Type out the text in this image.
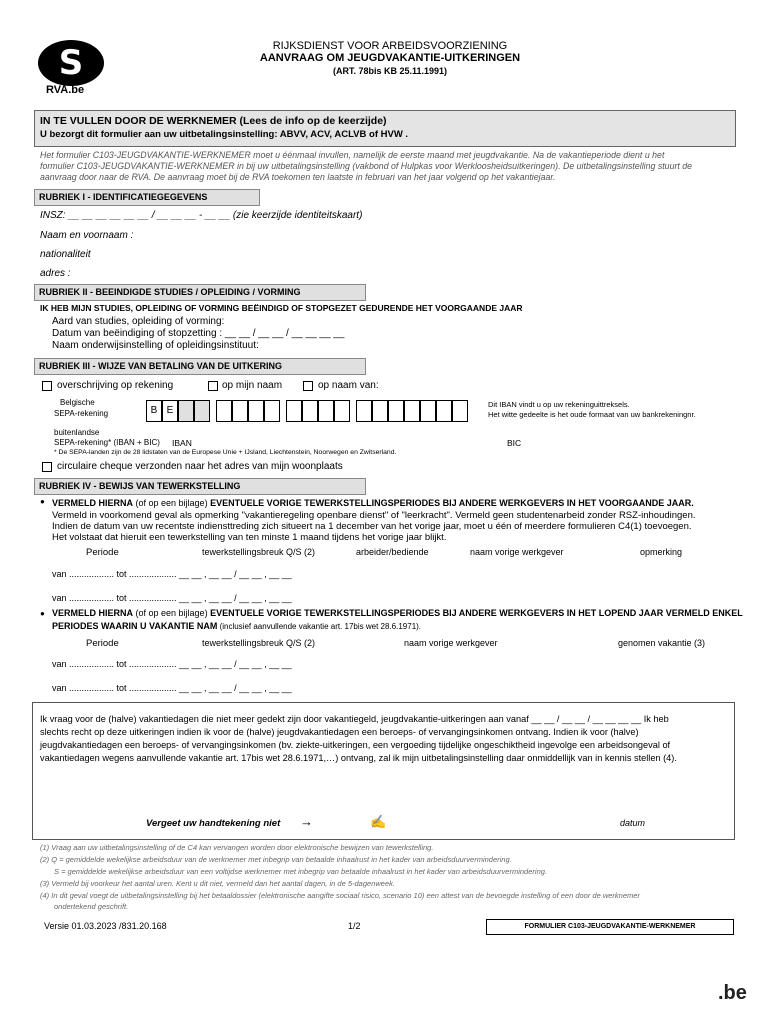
S
RVA.be
RIJKSDIENST VOOR ARBEIDSVOORZIENING
AANVRAAG OM JEUGDVAKANTIE-UITKERINGEN
(ART. 78bis KB 25.11.1991)
IN TE VULLEN DOOR DE WERKNEMER (Lees de info op de keerzijde)
U bezorgt dit formulier aan uw uitbetalingsinstelling: ABVV, ACV, ACLVB of HVW .
Het formulier C103-JEUGDVAKANTIE-WERKNEMER moet u éénmaal invullen, namelijk de eerste maand met jeugdvakantie. Na de vakantieperiode dient u het
formulier C103-JEUGDVAKANTIE-WERKNEMER in bij uw uitbetalingsinstelling (vakbond of Hulpkas voor Werkloosheidsuitkeringen). De uitbetalingsinstelling stuurt de
aanvraag door naar de RVA. De aanvraag moet bij de RVA toekomen ten laatste in februari van het jaar volgend op het vakantiejaar.
RUBRIEK I - IDENTIFICATIEGEGEVENS
INSZ: __ __ __ __ __ __ / __ __ __ - __ __ (zie keerzijde identiteitskaart)
Naam en voornaam :
nationaliteit
adres :
RUBRIEK II - BEEINDIGDE STUDIES / OPLEIDING / VORMING
IK HEB MIJN STUDIES, OPLEIDING OF VORMING BEËINDIGD OF STOPGEZET GEDURENDE HET VOORGAANDE JAAR
Aard van studies, opleiding of vorming:
Datum van beëindiging of stopzetting : __ __ / __ __ / __ __ __ __
Naam onderwijsinstelling of opleidingsinstituut:
RUBRIEK III - WIJZE VAN BETALING VAN DE UITKERING
overschrijving op rekening	op mijn naam	op naam van:
Belgische
SEPA-rekening	B E
Dit IBAN vindt u op uw rekeninguittreksels.
Het witte gedeelte is het oude formaat van uw bankrekeningnr.
buitenlandse
SEPA-rekening* (IBAN + BIC) IBAN	BIC
* De SEPA-landen zijn de 28 lidstaten van de Europese Unie + IJsland, Liechtenstein, Noorwegen en Zwitserland.
circulaire cheque verzonden naar het adres van mijn woonplaats
RUBRIEK IV - BEWIJS VAN TEWERKSTELLING
● VERMELD HIERNA (of op een bijlage) EVENTUELE VORIGE TEWERKSTELLINGSPERIODES BIJ ANDERE WERKGEVERS IN HET VOORGAANDE JAAR.
Vermeld in voorkomend geval als opmerking "vakantieregeling openbare dienst" of "leerkracht". Vermeld geen studentenarbeid zonder RSZ-inhoudingen.
Indien de datum van uw recentste indiensttreding zich situeert na 1 december van het vorige jaar, moet u één of meerdere formulieren C4(1) toevoegen.
Het volstaat dat hieruit een tewerkstelling van ten minste 1 maand tijdens het vorige jaar blijkt.
Periode	tewerkstellingsbreuk Q/S (2)	arbeider/bediende	naam vorige werkgever	opmerking
van .................. tot ................... __ __ , __ __ / __ __ , __ __
van .................. tot ................... __ __ , __ __ / __ __ , __ __
● VERMELD HIERNA (of op een bijlage) EVENTUELE VORIGE TEWERKSTELLINGSPERIODES BIJ ANDERE WERKGEVERS IN HET LOPEND JAAR VERMELD ENKEL
PERIODES WAARIN U VAKANTIE NAM (inclusief aanvullende vakantie art. 17bis wet 28.6.1971).
Periode	tewerkstellingsbreuk Q/S (2)	naam vorige werkgever	genomen vakantie (3)
van .................. tot ................... __ __ , __ __ / __ __ , __ __
van .................. tot ................... __ __ , __ __ / __ __ , __ __
Ik vraag voor de (halve) vakantiedagen die niet meer gedekt zijn door vakantiegeld, jeugdvakantie-uitkeringen aan vanaf __ __ / __ __ / __ __ __ __ Ik heb
slechts recht op deze uitkeringen indien ik voor de (halve) jeugdvakantiedagen een beroeps- of vervangingsinkomen ontvang. Indien ik voor (halve)
jeugdvakantiedagen een beroeps- of vervangingsinkomen (bv. ziekte-uitkeringen, een vergoeding tijdelijke ongeschiktheid ingevolge een arbeidsongeval of
vakantiedagen wegens aanvullende vakantie art. 17bis wet 28.6.1971,…) ontvang, zal ik mijn uitbetalingsinstelling daar onmiddellijk van in kennis stellen (4).
Vergeet uw handtekening niet →	✍	datum
(1) Vraag aan uw uitbetalingsinstelling of de C4 kan vervangen worden door elektronische bewijzen van tewerkstelling.
(2) Q = gemiddelde wekelijkse arbeidsduur van de werknemer met inbegrip van betaalde inhaalrust in het kader van arbeidsduurvermindering.
S = gemiddelde wekelijkse arbeidsduur van een voltijdse werknemer met inbegrip van betaalde inhaalrust in het kader van arbeidsduurvermindering.
(3) Vermeld bij voorkeur het aantal uren. Kent u dit niet, vermeld dan het aantal dagen, in de 5-dagenweek.
(4) In dit geval voegt de uitbetalingsinstelling bij het betaaldossier (elektronische aangifte sociaal risico, scenario 10) een attest van de bevoegde instelling of een door de werknemer
ondertekend geschrift.
Versie 01.03.2023 /831.20.168	1/2	FORMULIER C103-JEUGDVAKANTIE-WERKNEMER
.be
